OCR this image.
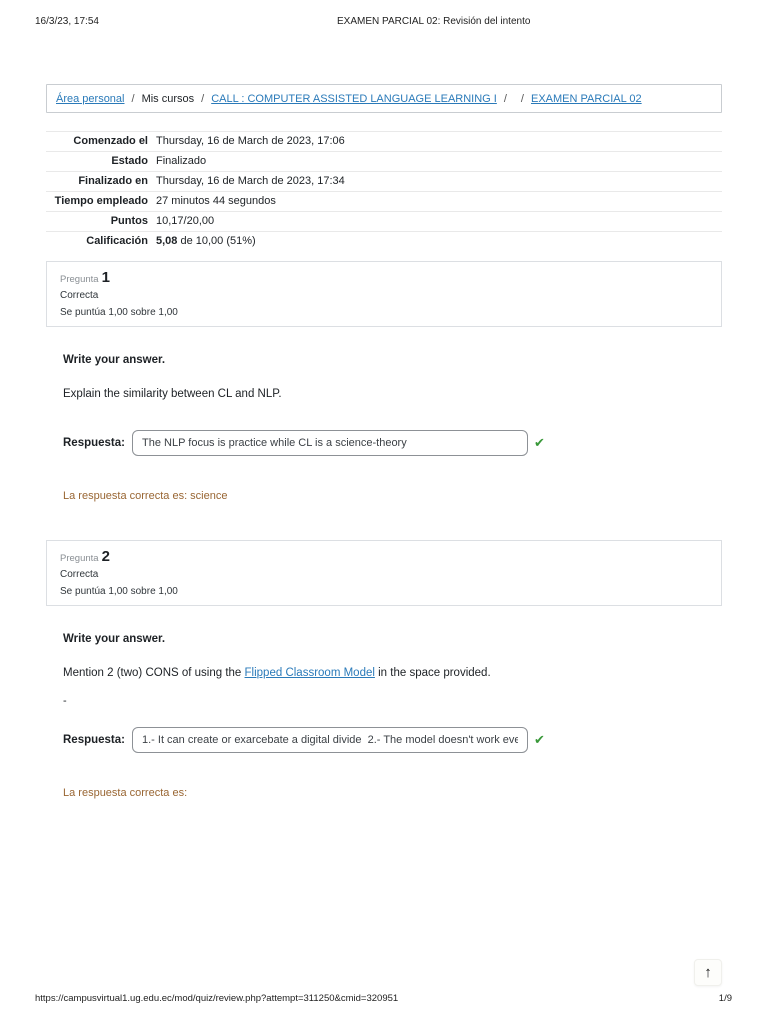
16/3/23, 17:54	EXAMEN PARCIAL 02: Revisión del intento
Área personal / Mis cursos / CALL : COMPUTER ASSISTED LANGUAGE LEARNING I / / EXAMEN PARCIAL 02
Comenzado el Thursday, 16 de March de 2023, 17:06
Estado Finalizado
Finalizado en Thursday, 16 de March de 2023, 17:34
Tiempo empleado 27 minutos 44 segundos
Puntos 10,17/20,00
Calificación 5,08 de 10,00 (51%)
Pregunta 1
Correcta
Se puntúa 1,00 sobre 1,00

Write your answer.

Explain the similarity between CL and NLP.

Respuesta:
The NLP focus is practice while CL is a science-theory	✔

La respuesta correcta es: science

Pregunta 2
Correcta
Se puntúa 1,00 sobre 1,00

Write your answer.

Mention 2 (two) CONS of using the Flipped Classroom Model in the space provided.

-

Respuesta:
1.- It can create or exarcebate a digital divide 2.- The model doesn't work everywhe	✔

La respuesta correcta es:

↑
https://campusvirtual1.ug.edu.ec/mod/quiz/review.php?attempt=311250&cmid=320951	1/9
